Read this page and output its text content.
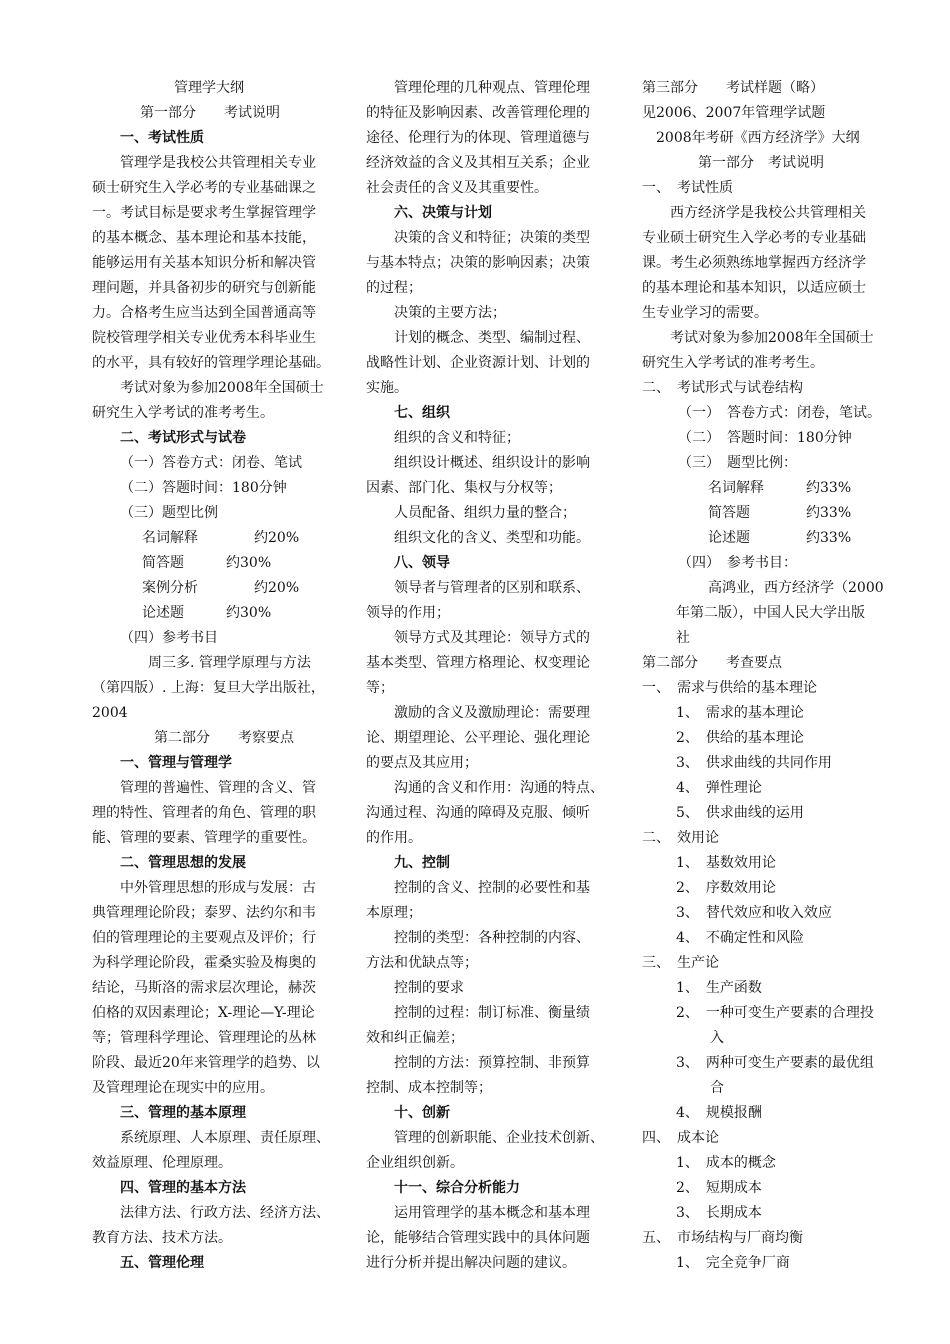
管理学大纲
第一部分　　考试说明
一、考试性质
管理学是我校公共管理相关专业
硕士研究生入学必考的专业基础课之
一。考试目标是要求考生掌握管理学
的基本概念、基本理论和基本技能，
能够运用有关基本知识分析和解决管
理问题，并具备初步的研究与创新能
力。合格考生应当达到全国普通高等
院校管理学相关专业优秀本科毕业生
的水平，具有较好的管理学理论基础。
考试对象为参加2008年全国硕士
研究生入学考试的准考考生。
二、考试形式与试卷
（一）答卷方式：闭卷、笔试
（二）答题时间：180分钟
（三）题型比例
名词解释　　　　约20%
简答题　　　约30%
案例分析　　　　约20%
论述题　　　约30%
（四）参考书目
周三多. 管理学原理与方法
（第四版）. 上海：复旦大学出版社，
2004
第二部分　　考察要点
一、管理与管理学
管理的普遍性、管理的含义、管
理的特性、管理者的角色、管理的职
能、管理的要素、管理学的重要性。
二、管理思想的发展
中外管理思想的形成与发展：古
典管理理论阶段；泰罗、法约尔和韦
伯的管理理论的主要观点及评价；行
为科学理论阶段，霍桑实验及梅奥的
结论，马斯洛的需求层次理论，赫茨
伯格的双因素理论；X-理论—Y-理论
等；管理科学理论、管理理论的丛林
阶段、最近20年来管理学的趋势、以
及管理理论在现实中的应用。
三、管理的基本原理
系统原理、人本原理、责任原理、
效益原理、伦理原理。
四、管理的基本方法
法律方法、行政方法、经济方法、
教育方法、技术方法。
五、管理伦理
管理伦理的几种观点、管理伦理
的特征及影响因素、改善管理伦理的
途径、伦理行为的体现、管理道德与
经济效益的含义及其相互关系；企业
社会责任的含义及其重要性。
六、决策与计划
决策的含义和特征；决策的类型
与基本特点；决策的影响因素；决策
的过程；
决策的主要方法；
计划的概念、类型、编制过程、
战略性计划、企业资源计划、计划的
实施。
七、组织
组织的含义和特征；
组织设计概述、组织设计的影响
因素、部门化、集权与分权等；
人员配备、组织力量的整合；
组织文化的含义、类型和功能。
八、领导
领导者与管理者的区别和联系、
领导的作用；
领导方式及其理论：领导方式的
基本类型、管理方格理论、权变理论
等；
激励的含义及激励理论：需要理
论、期望理论、公平理论、强化理论
的要点及其应用；
沟通的含义和作用：沟通的特点、
沟通过程、沟通的障碍及克服、倾听
的作用。
九、控制
控制的含义、控制的必要性和基
本原理；
控制的类型：各种控制的内容、
方法和优缺点等；
控制的要求
控制的过程：制订标准、衡量绩
效和纠正偏差；
控制的方法：预算控制、非预算
控制、成本控制等；
十、创新
管理的创新职能、企业技术创新、
企业组织创新。
十一、综合分析能力
运用管理学的基本概念和基本理
论，能够结合管理实践中的具体问题
进行分析并提出解决问题的建议。
第三部分　　考试样题（略）
见2006、2007年管理学试题
2008年考研《西方经济学》大纲
第一部分　考试说明
一、　考试性质
西方经济学是我校公共管理相关
专业硕士研究生入学必考的专业基础
课。考生必须熟练地掌握西方经济学
的基本理论和基本知识，以适应硕士
生专业学习的需要。
考试对象为参加2008年全国硕士
研究生入学考试的准考考生。
二、　考试形式与试卷结构
（一）　答卷方式：闭卷，笔试。
（二）　答题时间：180分钟
（三）　题型比例：
名词解释　　　约33%
简答题　　　　约33%
论述题　　　　约33%
（四）　参考书目：
高鸿业，西方经济学（2000
年第二版），中国人民大学出版
社
第二部分　　考查要点
一、　需求与供给的基本理论
1、　需求的基本理论
2、　供给的基本理论
3、　供求曲线的共同作用
4、　弹性理论
5、　供求曲线的运用
二、　效用论
1、　基数效用论
2、　序数效用论
3、　替代效应和收入效应
4、　不确定性和风险
三、　生产论
1、　生产函数
2、　一种可变生产要素的合理投
入
3、　两种可变生产要素的最优组
合
4、　规模报酬
四、　成本论
1、　成本的概念
2、　短期成本
3、　长期成本
五、　市场结构与厂商均衡
1、　完全竞争厂商
